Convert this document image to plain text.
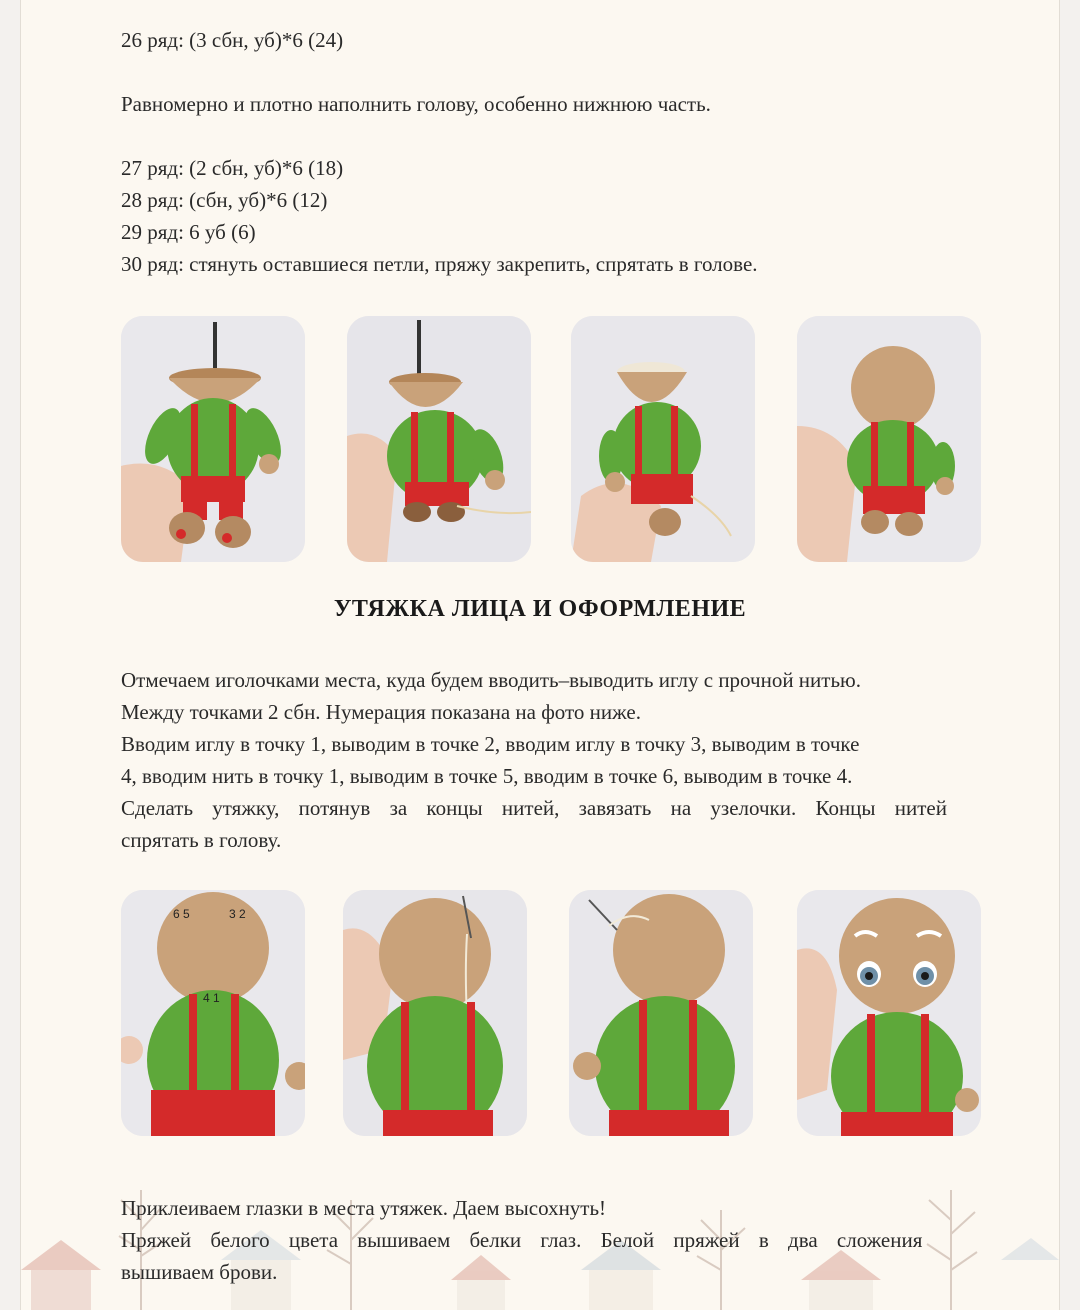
26 ряд: (3 сбн, уб)*6 (24)
Равномерно и плотно наполнить голову, особенно нижнюю часть.
27 ряд: (2 сбн, уб)*6 (18)
28 ряд: (сбн, уб)*6 (12)
29 ряд: 6 уб (6)
30 ряд: стянуть оставшиеся петли, пряжу закрепить, спрятать в голове.
УТЯЖКА ЛИЦА И ОФОРМЛЕНИЕ
Отмечаем иголочками места, куда будем вводить–выводить иглу с прочной нитью.
Между точками 2 сбн. Нумерация показана на фото ниже.
Вводим иглу в точку 1, выводим в точке 2, вводим иглу в точку 3, выводим в точке
4, вводим нить в точку 1, выводим в точке 5, вводим в точке 6, выводим в точке 4.
Сделать утяжку, потянув за концы нитей, завязать на узелочки. Концы нитей
спрятать в голову.
6 5	3 2
4 1
Приклеиваем глазки в места утяжек. Даем высохнуть!
Пряжей белого цвета вышиваем белки глаз. Белой пряжей в два сложения
вышиваем брови.
